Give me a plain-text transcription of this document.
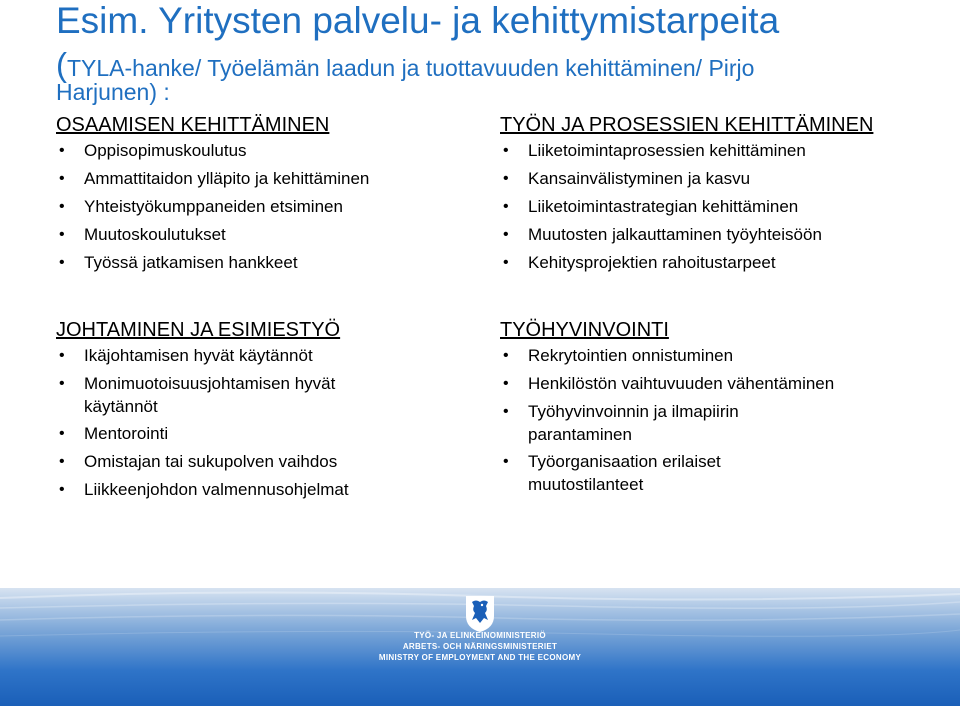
Esim. Yritysten palvelu- ja kehittymistarpeita
(TYLA-hanke/ Työelämän laadun ja tuottavuuden kehittäminen/ Pirjo
Harjunen) :
OSAAMISEN KEHITTÄMINEN
• Oppisopimuskoulutus
• Ammattitaidon ylläpito ja kehittäminen
• Yhteistyökumppaneiden etsiminen
• Muutoskoulutukset
• Työssä jatkamisen hankkeet
TYÖN JA PROSESSIEN KEHITTÄMINEN
• Liiketoimintaprosessien kehittäminen
• Kansainvälistyminen ja kasvu
• Liiketoimintastrategian kehittäminen
• Muutosten jalkauttaminen työyhteisöön
• Kehitysprojektien rahoitustarpeet
JOHTAMINEN JA ESIMIESTYÖ
• Ikäjohtamisen hyvät käytännöt
• Monimuotoisuusjohtamisen hyvät käytännöt
• Mentorointi
• Omistajan tai sukupolven vaihdos
• Liikkeenjohdon valmennusohjelmat
TYÖHYVINVOINTI
• Rekrytointien onnistuminen
• Henkilöstön vaihtuvuuden vähentäminen
• Työhyvinvoinnin ja ilmapiirin parantaminen
• Työorganisaation erilaiset muutostilanteet
TYÖ- JA ELINKEINOMINISTERIÖ
ARBETS- OCH NÄRINGSMINISTERIET
MINISTRY OF EMPLOYMENT AND THE ECONOMY
